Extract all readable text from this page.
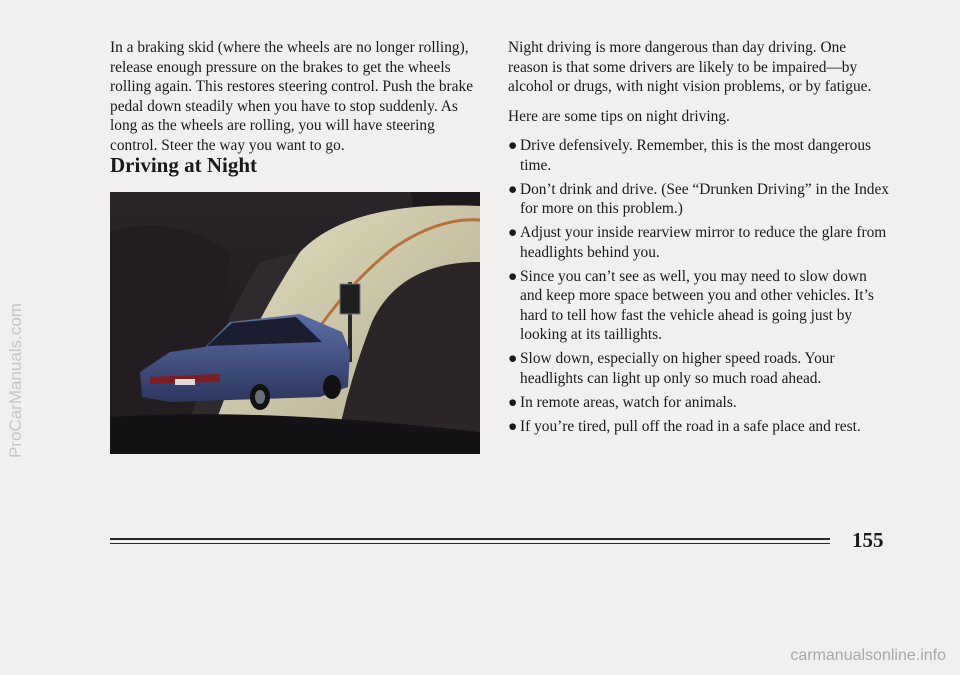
In a braking skid (where the wheels are no longer rolling), release enough pressure on the brakes to get the wheels rolling again. This restores steering control. Push the brake pedal down steadily when you have to stop suddenly. As long as the wheels are rolling, you will have steering control. Steer the way you want to go.

Driving at Night

Night driving is more dangerous than day driving. One reason is that some drivers are likely to be impaired—by alcohol or drugs, with night vision problems, or by fatigue.

Here are some tips on night driving.

● Drive defensively. Remember, this is the most dangerous time.
● Don’t drink and drive. (See “Drunken Driving” in the Index for more on this problem.)
● Adjust your inside rearview mirror to reduce the glare from headlights behind you.
● Since you can’t see as well, you may need to slow down and keep more space between you and other vehicles. It’s hard to tell how fast the vehicle ahead is going just by looking at its taillights.
● Slow down, especially on higher speed roads. Your headlights can light up only so much road ahead.
● In remote areas, watch for animals.
● If you’re tired, pull off the road in a safe place and rest.
155
ProCarManuals.com
carmanualsonline.info
